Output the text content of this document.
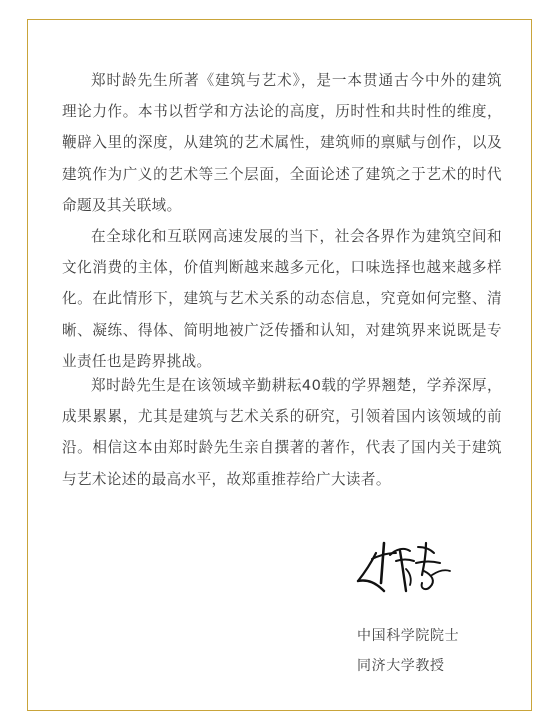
郑时龄先生所著《建筑与艺术》，是一本贯通古今中外的建筑理论力作。本书以哲学和方法论的高度，历时性和共时性的维度，鞭辟入里的深度，从建筑的艺术属性，建筑师的禀赋与创作，以及建筑作为广义的艺术等三个层面，全面论述了建筑之于艺术的时代命题及其关联域。

在全球化和互联网高速发展的当下，社会各界作为建筑空间和文化消费的主体，价值判断越来越多元化，口味选择也越来越多样化。在此情形下，建筑与艺术关系的动态信息，究竟如何完整、清晰、凝练、得体、简明地被广泛传播和认知，对建筑界来说既是专业责任也是跨界挑战。

郑时龄先生是在该领域辛勤耕耘40载的学界翘楚，学养深厚，成果累累，尤其是建筑与艺术关系的研究，引领着国内该领域的前沿。相信这本由郑时龄先生亲自撰著的著作，代表了国内关于建筑与艺术论述的最高水平，故郑重推荐给广大读者。

中国科学院院士
同济大学教授
